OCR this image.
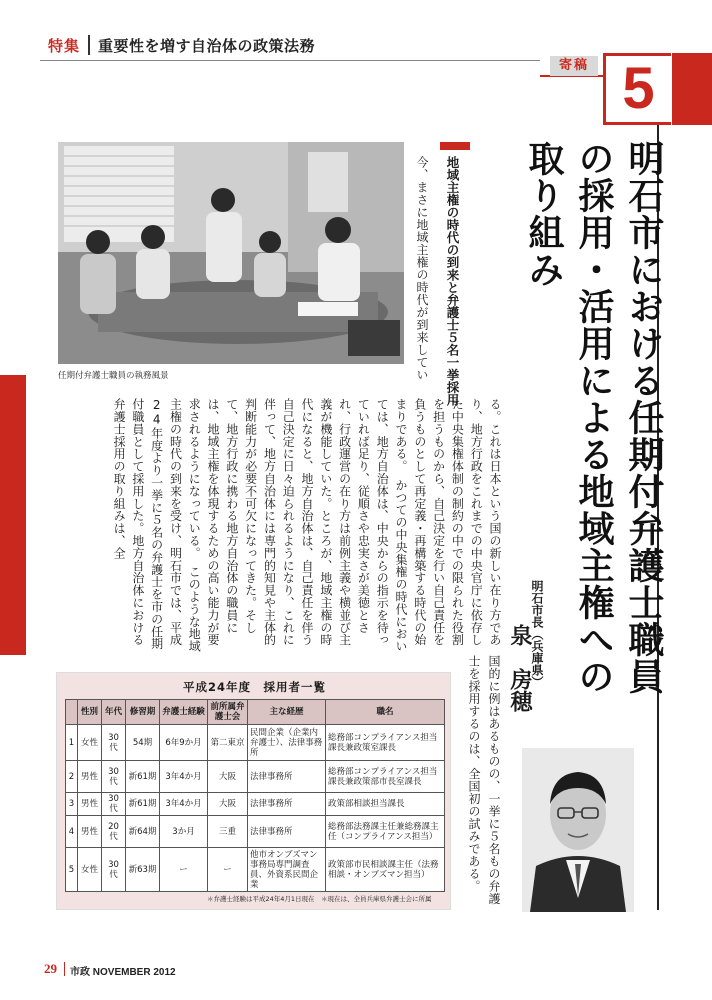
特集 重要性を増す自治体の政策法務
寄稿 5
明石市における任期付弁護士職員の採用・活用による地域主権への取り組み
明石市長（兵庫県）
泉　房穂
任期付弁護士職員の執務風景	地域主権の時代の到来と弁護士５名一挙採用
今、まさに地域主権の時代が到来してい
る。これは日本という国の新しい在り方であり、地方行政をこれまでの中央官庁に依存した中央集権体制の制約の中での限られた役割を担うものから、自己決定を行い自己責任を負うものとして再定義・再構築する時代の始まりである。　かつての中央集権の時代においては、地方自治体は、中央からの指示を待っていれば足り、従順さや忠実さが美徳とされ、行政運営の在り方は前例主義や横並び主義が機能していた。ところが、地域主権の時代になると、地方自治体は、自己責任を伴う自己決定に日々迫られるようになり、これに伴って、地方自治体には専門的知見や主体的判断能力が必要不可欠になってきた。そして、地方行政に携わる地方自治体の職員には、地域主権を体現するための高い能力が要求されるようになっている。　このような地域主権の時代の到来を受け、明石市では、平成24年度より一挙に５名の弁護士を市の任期付職員として採用した。地方自治体における弁護士採用の取り組みは、全
国的に例はあるものの、一挙に５名もの弁護士を採用するのは、全国初の試みである。
平成24年度　採用者一覧
	性別	年代	修習期	弁護士経験	前所属弁護士会	主な経歴	職名
1	女性	30代	54期	6年9か月	第二東京	民間企業（企業内弁護士）、法律事務所	総務部コンプライアンス担当課長兼政策室課長
2	男性	30代	新61期	3年4か月	大阪	法律事務所	総務部コンプライアンス担当課長兼政策部市長室課長
3	男性	30代	新61期	3年4か月	大阪	法律事務所	政策部相談担当課長
4	男性	20代	新64期	3か月	三重	法律事務所	総務部法務課主任兼総務課主任（コンプライアンス担当）
5	女性	30代	新63期	ー	ー	他市オンブズマン事務局専門調査員、外資系民間企業	政策部市民相談課主任（法務相談・オンブズマン担当）
＊弁護士経験は平成24年4月1日現在　＊現在は、全員兵庫県弁護士会に所属
29 市政 NOVEMBER 2012
